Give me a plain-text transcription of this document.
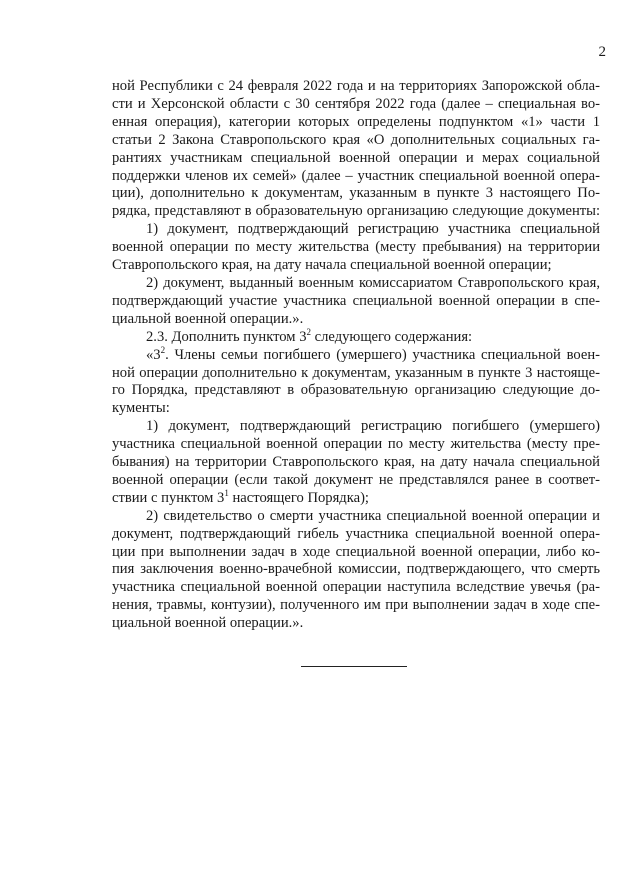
2
ной Республики с 24 февраля 2022 года и на территориях Запорожской обла-
сти и Херсонской области с 30 сентября 2022 года (далее – специальная во-
енная операция), категории которых определены подпунктом «1» части 1
статьи 2 Закона Ставропольского края «О дополнительных социальных га-
рантиях участникам специальной военной операции и мерах социальной
поддержки членов их семей» (далее – участник специальной военной опера-
ции), дополнительно к документам, указанным в пункте 3 настоящего По-
рядка, представляют в образовательную организацию следующие документы:
1) документ, подтверждающий регистрацию участника специальной
военной операции по месту жительства (месту пребывания) на территории
Ставропольского края, на дату начала специальной военной операции;
2) документ, выданный военным комиссариатом Ставропольского края,
подтверждающий участие участника специальной военной операции в спе-
циальной военной операции.».
2.3. Дополнить пунктом $3^2$ следующего содержания:
«$3^2$. Члены семьи погибшего (умершего) участника специальной воен-
ной операции дополнительно к документам, указанным в пункте 3 настояще-
го Порядка, представляют в образовательную организацию следующие до-
кументы:
1) документ, подтверждающий регистрацию погибшего (умершего)
участника специальной военной операции по месту жительства (месту пре-
бывания) на территории Ставропольского края, на дату начала специальной
военной операции (если такой документ не представлялся ранее в соответ-
ствии с пунктом $3^1$ настоящего Порядка);
2) свидетельство о смерти участника специальной военной операции и
документ, подтверждающий гибель участника специальной военной опера-
ции при выполнении задач в ходе специальной военной операции, либо ко-
пия заключения военно-врачебной комиссии, подтверждающего, что смерть
участника специальной военной операции наступила вследствие увечья (ра-
нения, травмы, контузии), полученного им при выполнении задач в ходе спе-
циальной военной операции.».
